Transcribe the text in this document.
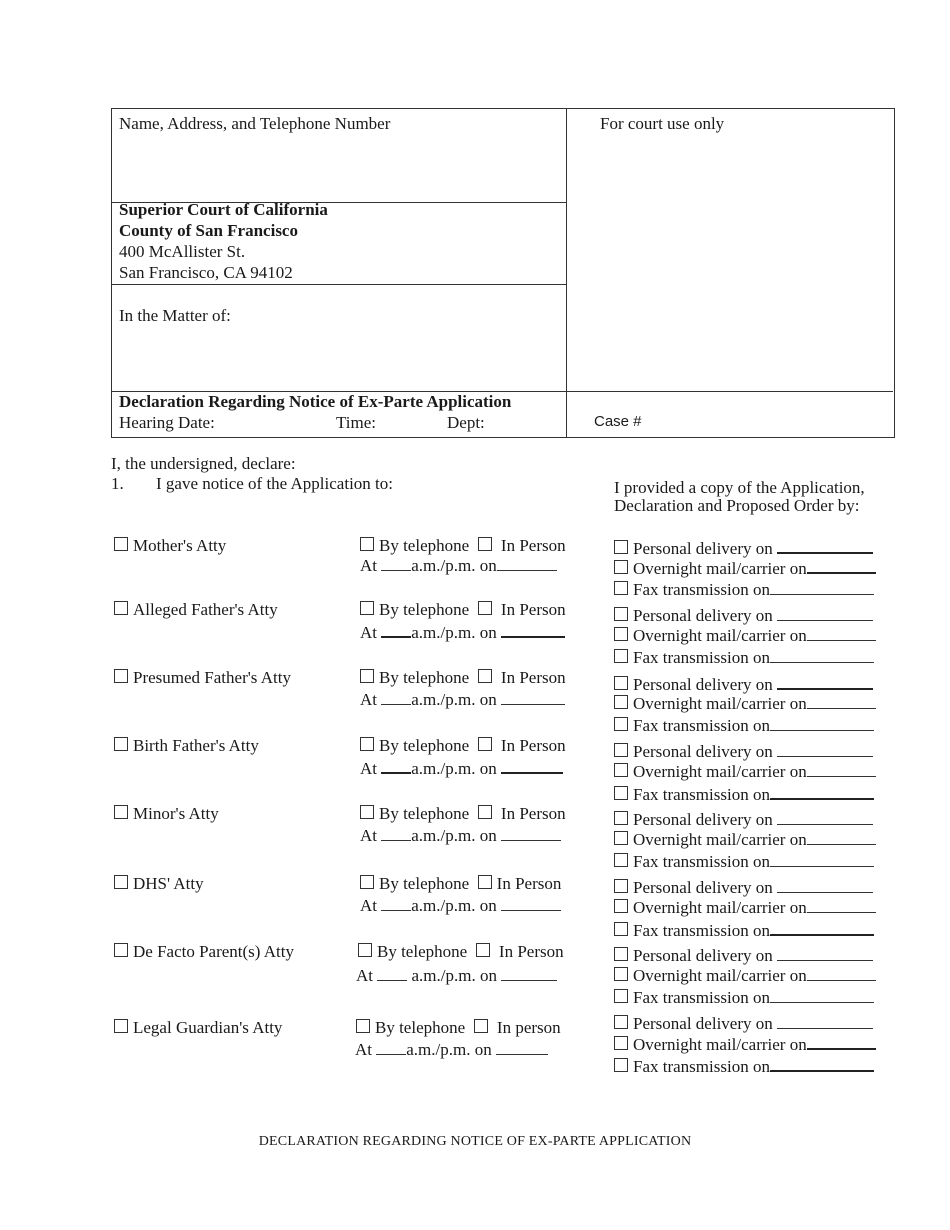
Name, Address, and Telephone Number	For court use only
Superior Court of California
County of San Francisco
400 McAllister St.
San Francisco, CA 94102
In the Matter of:
Declaration Regarding Notice of Ex-Parte Application
Hearing Date:	Time:	Dept:	Case #
I, the undersigned, declare:
1. I gave notice of the Application to:	I provided a copy of the Application,
Declaration and Proposed Order by:
Mother's Atty	By telephone In Person
At a.m./p.m. on
Personal delivery on
Overnight mail/carrier on
Fax transmission on
Alleged Father's Atty	By telephone In Person
At a.m./p.m. on
Personal delivery on
Overnight mail/carrier on
Fax transmission on
Presumed Father's Atty	By telephone In Person
At a.m./p.m. on
Personal delivery on
Overnight mail/carrier on
Fax transmission on
Birth Father's Atty	By telephone In Person
At a.m./p.m. on
Personal delivery on
Overnight mail/carrier on
Fax transmission on
Minor's Atty	By telephone In Person
At a.m./p.m. on
Personal delivery on
Overnight mail/carrier on
Fax transmission on
DHS' Atty	By telephone In Person
At a.m./p.m. on
Personal delivery on
Overnight mail/carrier on
Fax transmission on
De Facto Parent(s) Atty	By telephone In Person
At a.m./p.m. on
Personal delivery on
Overnight mail/carrier on
Fax transmission on
Legal Guardian's Atty	By telephone In person
At a.m./p.m. on
Personal delivery on
Overnight mail/carrier on
Fax transmission on
DECLARATION REGARDING NOTICE OF EX-PARTE APPLICATION
